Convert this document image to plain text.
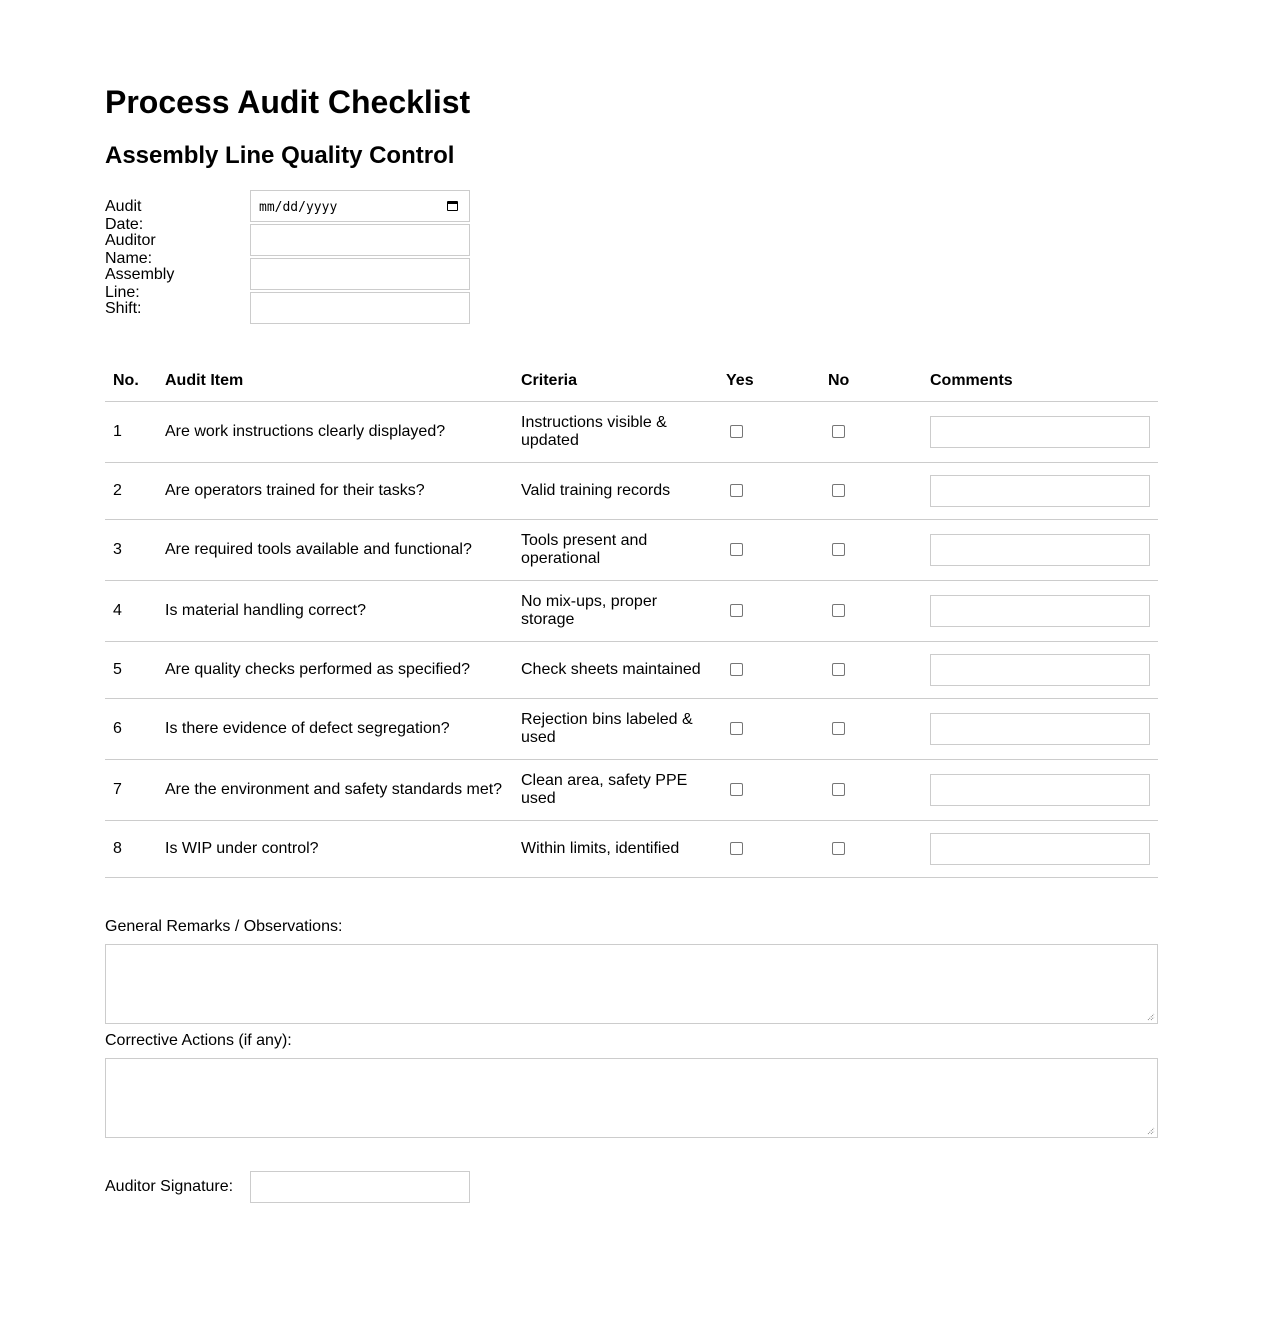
Process Audit Checklist
Assembly Line Quality Control
Audit Date:
mm/dd/yyyy
Auditor Name:
Assembly Line:
Shift:
No.	Audit Item	Criteria	Yes	No	Comments
1	Are work instructions clearly displayed?	Instructions visible & updated			

2	Are operators trained for their tasks?	Valid training records			

3	Are required tools available and functional?	Tools present and operational			

4	Is material handling correct?	No mix-ups, proper storage			

5	Are quality checks performed as specified?	Check sheets maintained			

6	Is there evidence of defect segregation?	Rejection bins labeled & used			

7	Are the environment and safety standards met?	Clean area, safety PPE used			

8	Is WIP under control?	Within limits, identified			
General Remarks / Observations:
Corrective Actions (if any):
Auditor Signature:
